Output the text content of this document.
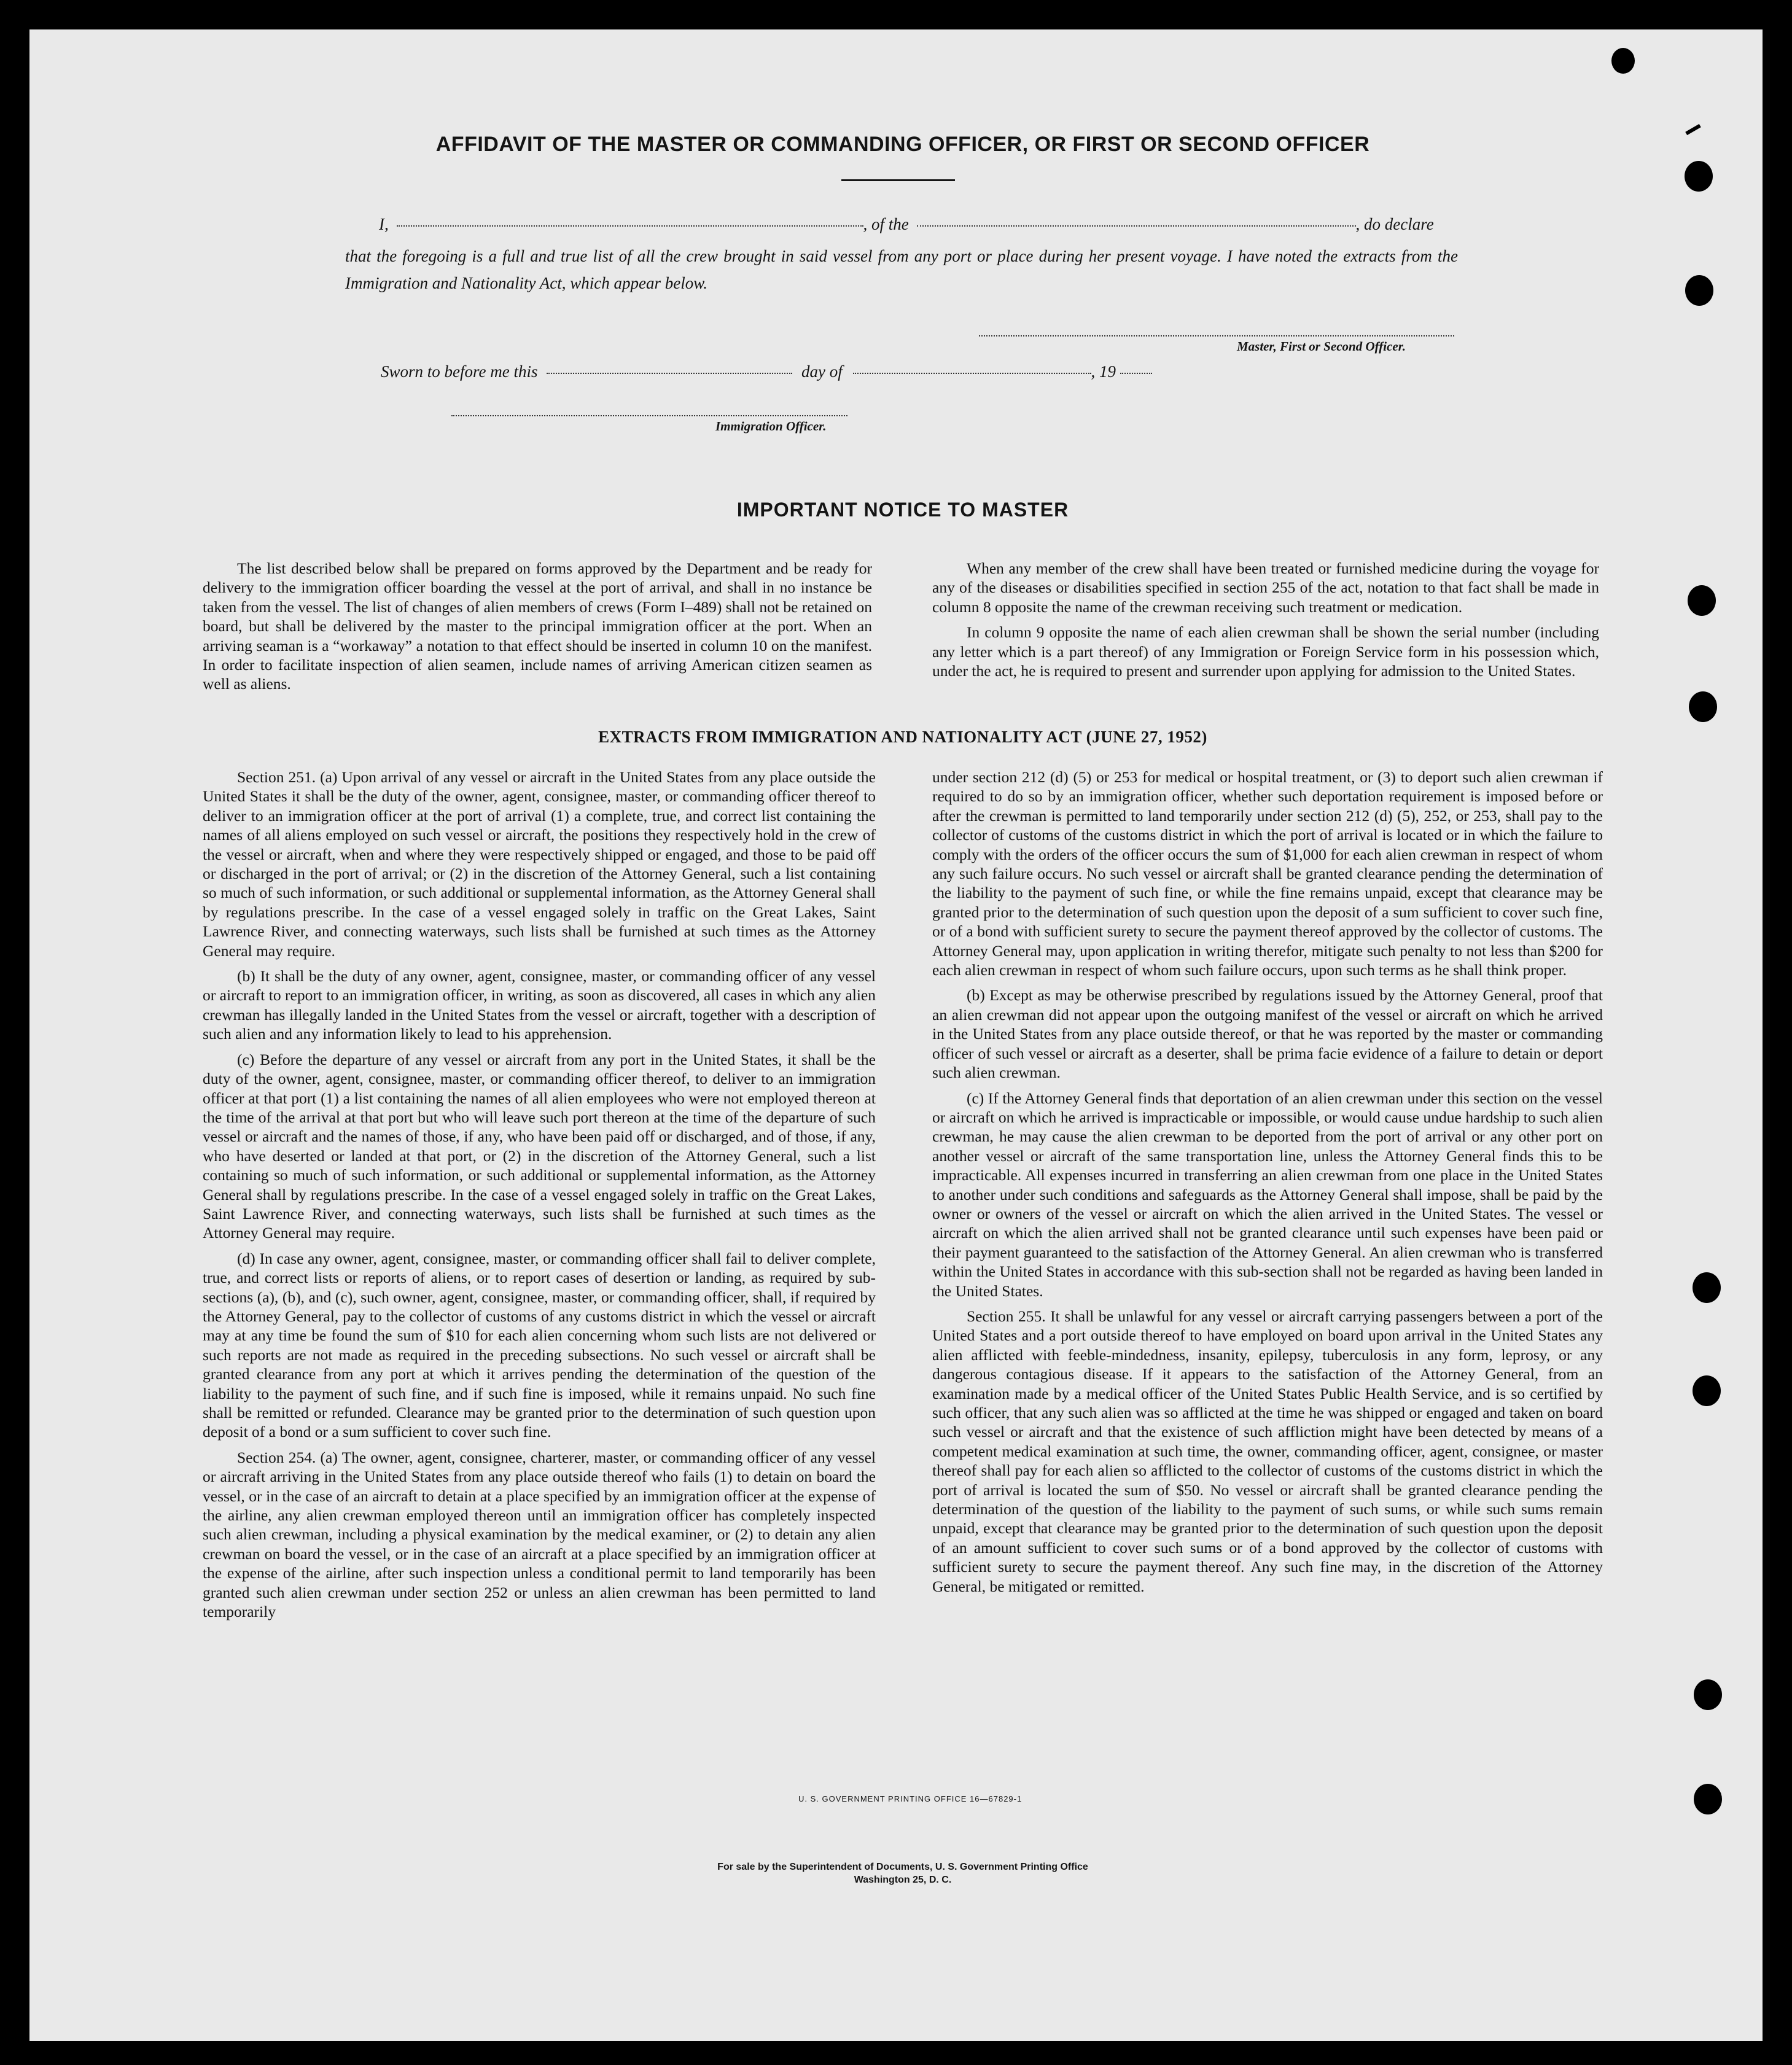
AFFIDAVIT OF THE MASTER OR COMMANDING OFFICER, OR FIRST OR SECOND OFFICER
I,	, of the	, do declare
that the foregoing is a full and true list of all the crew brought in said vessel from any port or place during her present voyage. I have noted the extracts from the Immigration and Nationality Act, which appear below.
Master, First or Second Officer.
Sworn to before me this	day of	, 19
Immigration Officer.
IMPORTANT NOTICE TO MASTER

The list described below shall be prepared on forms approved by the Department and be ready for delivery to the immigration officer boarding the vessel at the port of arrival, and shall in no instance be taken from the vessel. The list of changes of alien members of crews (Form I–489) shall not be retained on board, but shall be delivered by the master to the principal immigration officer at the port. When an arriving seaman is a “workaway” a notation to that effect should be inserted in column 10 on the manifest. In order to facilitate inspection of alien seamen, include names of arriving American citizen seamen as well as aliens.

When any member of the crew shall have been treated or furnished medicine during the voyage for any of the diseases or disabilities specified in section 255 of the act, notation to that fact shall be made in column 8 opposite the name of the crewman receiving such treatment or medication.

In column 9 opposite the name of each alien crewman shall be shown the serial number (including any letter which is a part thereof) of any Immigration or Foreign Service form in his possession which, under the act, he is required to present and surrender upon applying for admission to the United States.

EXTRACTS FROM IMMIGRATION AND NATIONALITY ACT (JUNE 27, 1952)

Section 251. (a) Upon arrival of any vessel or aircraft in the United States from any place outside the United States it shall be the duty of the owner, agent, consignee, master, or commanding officer thereof to deliver to an immigration officer at the port of arrival (1) a complete, true, and correct list containing the names of all aliens employed on such vessel or aircraft, the positions they respectively hold in the crew of the vessel or aircraft, when and where they were respectively shipped or engaged, and those to be paid off or discharged in the port of arrival; or (2) in the discretion of the Attorney General, such a list containing so much of such information, or such additional or supplemental information, as the Attorney General shall by regulations prescribe. In the case of a vessel engaged solely in traffic on the Great Lakes, Saint Lawrence River, and connecting waterways, such lists shall be furnished at such times as the Attorney General may require.

(b) It shall be the duty of any owner, agent, consignee, master, or commanding officer of any vessel or aircraft to report to an immigration officer, in writing, as soon as discovered, all cases in which any alien crewman has illegally landed in the United States from the vessel or aircraft, together with a description of such alien and any information likely to lead to his apprehension.

(c) Before the departure of any vessel or aircraft from any port in the United States, it shall be the duty of the owner, agent, consignee, master, or commanding officer thereof, to deliver to an immigration officer at that port (1) a list containing the names of all alien employees who were not employed thereon at the time of the arrival at that port but who will leave such port thereon at the time of the departure of such vessel or aircraft and the names of those, if any, who have been paid off or discharged, and of those, if any, who have deserted or landed at that port, or (2) in the discretion of the Attorney General, such a list containing so much of such information, or such additional or supplemental information, as the Attorney General shall by regulations prescribe. In the case of a vessel engaged solely in traffic on the Great Lakes, Saint Lawrence River, and connecting waterways, such lists shall be furnished at such times as the Attorney General may require.

(d) In case any owner, agent, consignee, master, or commanding officer shall fail to deliver complete, true, and correct lists or reports of aliens, or to report cases of desertion or landing, as required by sub-sections (a), (b), and (c), such owner, agent, consignee, master, or commanding officer, shall, if required by the Attorney General, pay to the collector of customs of any customs district in which the vessel or aircraft may at any time be found the sum of $10 for each alien concerning whom such lists are not delivered or such reports are not made as required in the preceding subsections. No such vessel or aircraft shall be granted clearance from any port at which it arrives pending the determination of the question of the liability to the payment of such fine, and if such fine is imposed, while it remains unpaid. No such fine shall be remitted or refunded. Clearance may be granted prior to the determination of such question upon deposit of a bond or a sum sufficient to cover such fine.

Section 254. (a) The owner, agent, consignee, charterer, master, or commanding officer of any vessel or aircraft arriving in the United States from any place outside thereof who fails (1) to detain on board the vessel, or in the case of an aircraft to detain at a place specified by an immigration officer at the expense of the airline, any alien crewman employed thereon until an immigration officer has completely inspected such alien crewman, including a physical examination by the medical examiner, or (2) to detain any alien crewman on board the vessel, or in the case of an aircraft at a place specified by an immigration officer at the expense of the airline, after such inspection unless a conditional permit to land temporarily has been granted such alien crewman under section 252 or unless an alien crewman has been permitted to land temporarily

under section 212 (d) (5) or 253 for medical or hospital treatment, or (3) to deport such alien crewman if required to do so by an immigration officer, whether such deportation requirement is imposed before or after the crewman is permitted to land temporarily under section 212 (d) (5), 252, or 253, shall pay to the collector of customs of the customs district in which the port of arrival is located or in which the failure to comply with the orders of the officer occurs the sum of $1,000 for each alien crewman in respect of whom any such failure occurs. No such vessel or aircraft shall be granted clearance pending the determination of the liability to the payment of such fine, or while the fine remains unpaid, except that clearance may be granted prior to the determination of such question upon the deposit of a sum sufficient to cover such fine, or of a bond with sufficient surety to secure the payment thereof approved by the collector of customs. The Attorney General may, upon application in writing therefor, mitigate such penalty to not less than $200 for each alien crewman in respect of whom such failure occurs, upon such terms as he shall think proper.

(b) Except as may be otherwise prescribed by regulations issued by the Attorney General, proof that an alien crewman did not appear upon the outgoing manifest of the vessel or aircraft on which he arrived in the United States from any place outside thereof, or that he was reported by the master or commanding officer of such vessel or aircraft as a deserter, shall be prima facie evidence of a failure to detain or deport such alien crewman.

(c) If the Attorney General finds that deportation of an alien crewman under this section on the vessel or aircraft on which he arrived is impracticable or impossible, or would cause undue hardship to such alien crewman, he may cause the alien crewman to be deported from the port of arrival or any other port on another vessel or aircraft of the same transportation line, unless the Attorney General finds this to be impracticable. All expenses incurred in transferring an alien crewman from one place in the United States to another under such conditions and safeguards as the Attorney General shall impose, shall be paid by the owner or owners of the vessel or aircraft on which the alien arrived in the United States. The vessel or aircraft on which the alien arrived shall not be granted clearance until such expenses have been paid or their payment guaranteed to the satisfaction of the Attorney General. An alien crewman who is transferred within the United States in accordance with this sub-section shall not be regarded as having been landed in the United States.

Section 255. It shall be unlawful for any vessel or aircraft carrying passengers between a port of the United States and a port outside thereof to have employed on board upon arrival in the United States any alien afflicted with feeble-mindedness, insanity, epilepsy, tuberculosis in any form, leprosy, or any dangerous contagious disease. If it appears to the satisfaction of the Attorney General, from an examination made by a medical officer of the United States Public Health Service, and is so certified by such officer, that any such alien was so afflicted at the time he was shipped or engaged and taken on board such vessel or aircraft and that the existence of such affliction might have been detected by means of a competent medical examination at such time, the owner, commanding officer, agent, consignee, or master thereof shall pay for each alien so afflicted to the collector of customs of the customs district in which the port of arrival is located the sum of $50. No vessel or aircraft shall be granted clearance pending the determination of the question of the liability to the payment of such sums, or while such sums remain unpaid, except that clearance may be granted prior to the determination of such question upon the deposit of an amount sufficient to cover such sums or of a bond approved by the collector of customs with sufficient surety to secure the payment thereof. Any such fine may, in the discretion of the Attorney General, be mitigated or remitted.

U. S. GOVERNMENT PRINTING OFFICE 16—67829-1
For sale by the Superintendent of Documents, U. S. Government Printing Office
Washington 25, D. C.
